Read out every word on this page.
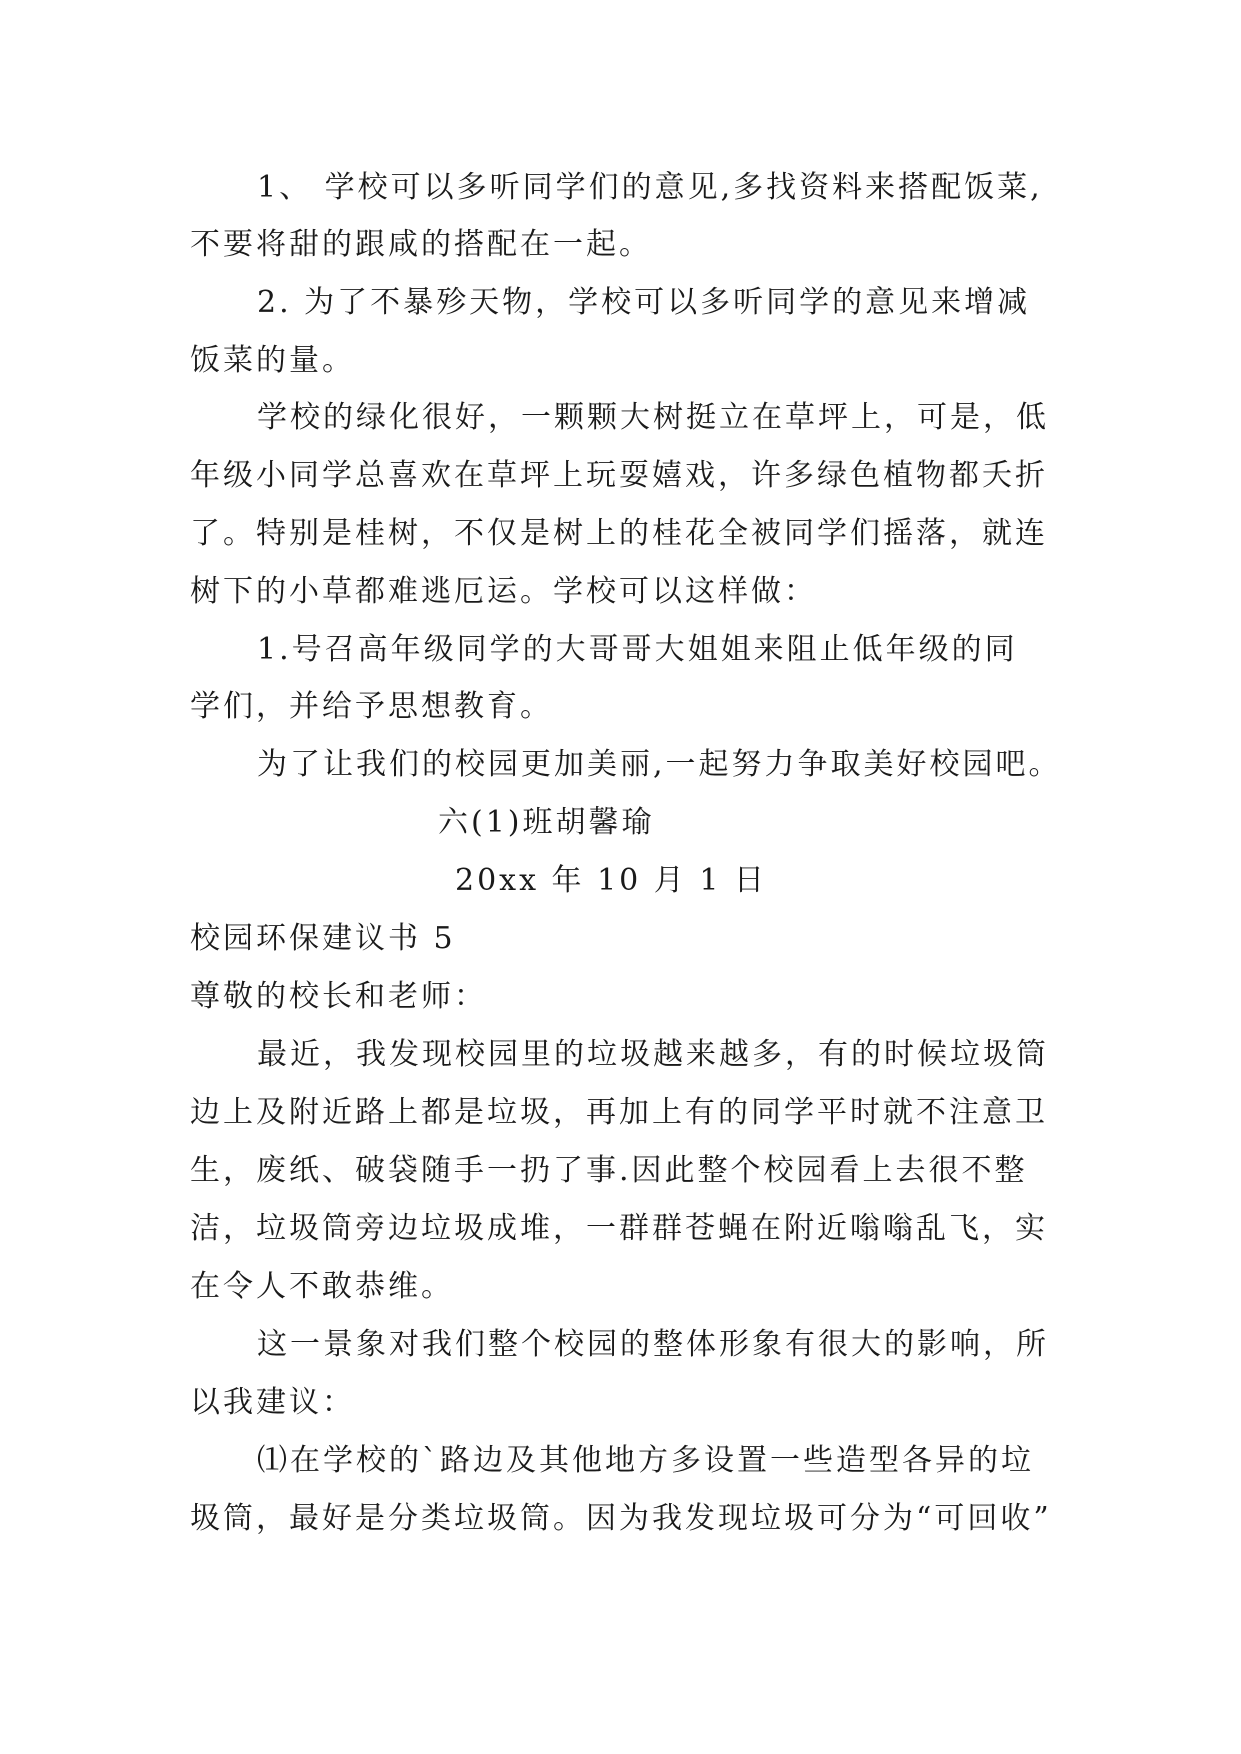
1、 学校可以多听同学们的意见,多找资料来搭配饭菜,
不要将甜的跟咸的搭配在一起。
2. 为了不暴殄天物，学校可以多听同学的意见来增减
饭菜的量。
学校的绿化很好，一颗颗大树挺立在草坪上，可是，低
年级小同学总喜欢在草坪上玩耍嬉戏，许多绿色植物都夭折
了。特别是桂树，不仅是树上的桂花全被同学们摇落，就连
树下的小草都难逃厄运。学校可以这样做：
1.号召高年级同学的大哥哥大姐姐来阻止低年级的同
学们，并给予思想教育。
为了让我们的校园更加美丽,一起努力争取美好校园吧。
六(1)班胡馨瑜
20xx 年 10 月 1 日
校园环保建议书 5
尊敬的校长和老师：
最近，我发现校园里的垃圾越来越多，有的时候垃圾筒
边上及附近路上都是垃圾，再加上有的同学平时就不注意卫
生，废纸、破袋随手一扔了事.因此整个校园看上去很不整
洁，垃圾筒旁边垃圾成堆，一群群苍蝇在附近嗡嗡乱飞，实
在令人不敢恭维。
这一景象对我们整个校园的整体形象有很大的影响，所
以我建议：
⑴在学校的`路边及其他地方多设置一些造型各异的垃
圾筒，最好是分类垃圾筒。因为我发现垃圾可分为“可回收”
